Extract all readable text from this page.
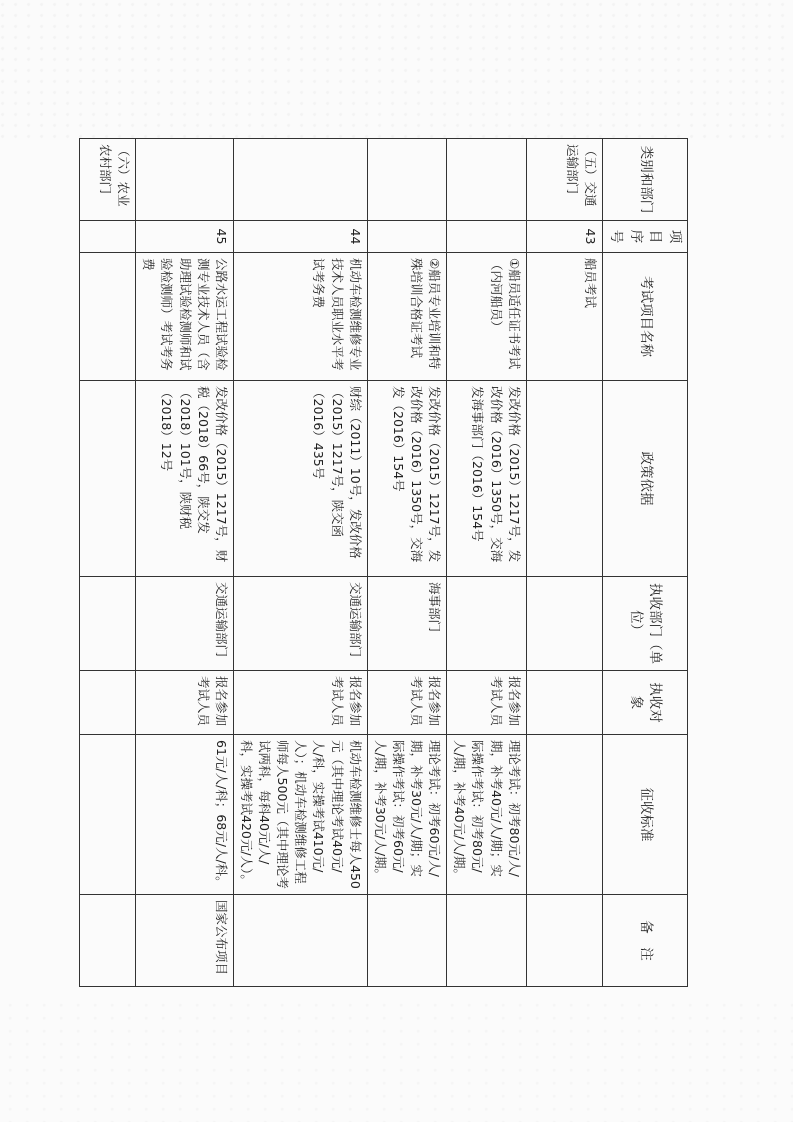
类别和部门	项目序号	考试项目名称	政策依据	执收部门（单位）	执收对象	征收标准	备　注
（五）交通运输部门	43	船员考试					
		①船员适任证书考试（内河船员）	发改价格（2015）1217号，发改价格（2016）1350号，交海发海事部门（2016）154号		报名参加考试人员	理论考试：初考80元/人/期，补考40元/人/期；实际操作考试：初考80元/人/期，补考40元/人/期。	
		②船员专业培训和特殊培训合格证考试	发改价格（2015）1217号，发改价格（2016）1350号，交海发（2016）154号	海事部门	报名参加考试人员	理论考试：初考60元/人/期，补考30元/人/期；实际操作考试：初考60元/人/期，补考30元/人/期。	
	44	机动车检测维修专业技术人员职业水平考试考务费	财综（2011）10号，发改价格（2015）1217号，陕交函（2016）435号	交通运输部门	报名参加考试人员	机动车检测维修士每人450元（其中理论考试40元/人/科，实操考试410元/人）；机动车检测维修工程师每人500元（其中理论考试两科，每科40元/人/科，实操考试420元/人）。	
	45	公路水运工程试验检测专业技术人员（含助理试验检测师和试验检测师）考试考务费	发改价格（2015）1217号，财税（2018）66号，陕交发（2018）101号，陕财税（2018）12号	交通运输部门	报名参加考试人员	61元/人/科；68元/人/科。	国家公布项目
（六）农业农村部门							
